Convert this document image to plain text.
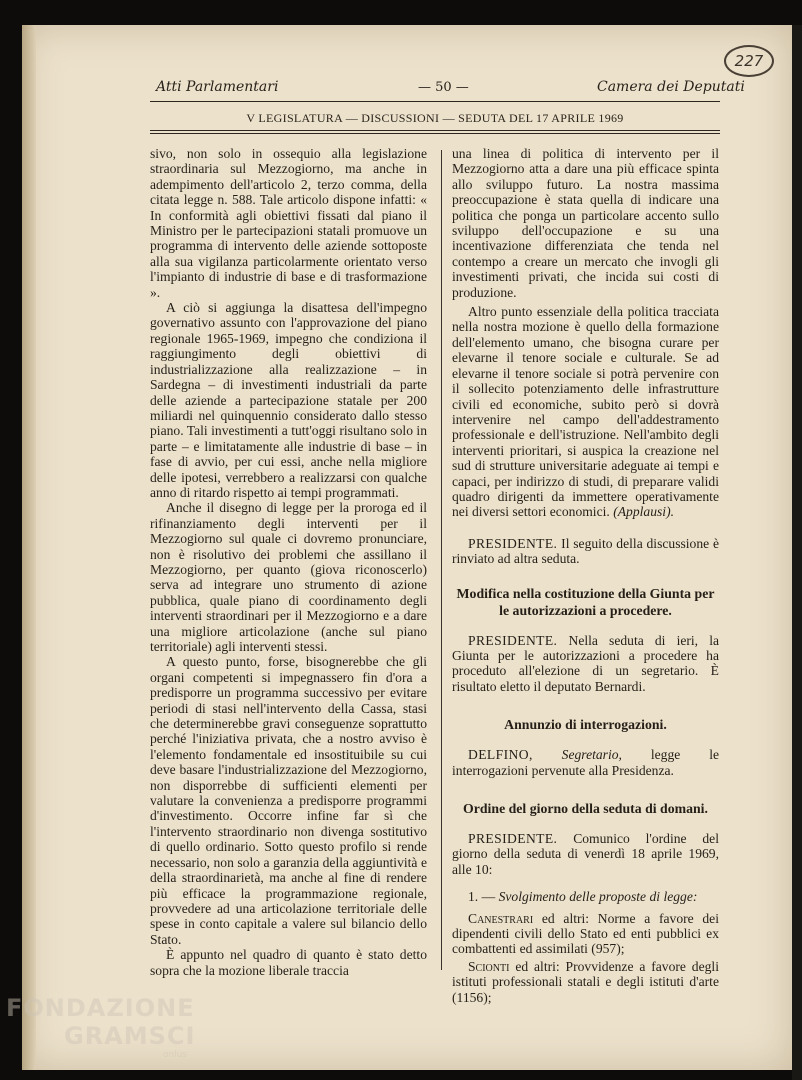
Atti Parlamentari	— 50 —	Camera dei Deputati
227
V LEGISLATURA — DISCUSSIONI — SEDUTA DEL 17 APRILE 1969

sivo, non solo in ossequio alla legislazione straordinaria sul Mezzogiorno, ma anche in adempimento dell'articolo 2, terzo comma, della citata legge n. 588. Tale articolo dispone infatti: « In conformità agli obiettivi fissati dal piano il Ministro per le partecipazioni statali promuove un programma di intervento delle aziende sottoposte alla sua vigilanza particolarmente orientato verso l'impianto di industrie di base e di trasformazione ».

A ciò si aggiunga la disattesa dell'impegno governativo assunto con l'approvazione del piano regionale 1965-1969, impegno che condiziona il raggiungimento degli obiettivi di industrializzazione alla realizzazione – in Sardegna – di investimenti industriali da parte delle aziende a partecipazione statale per 200 miliardi nel quinquennio considerato dallo stesso piano. Tali investimenti a tutt'oggi risultano solo in parte – e limitatamente alle industrie di base – in fase di avvio, per cui essi, anche nella migliore delle ipotesi, verrebbero a realizzarsi con qualche anno di ritardo rispetto ai tempi programmati.

Anche il disegno di legge per la proroga ed il rifinanziamento degli interventi per il Mezzogiorno sul quale ci dovremo pronunciare, non è risolutivo dei problemi che assillano il Mezzogiorno, per quanto (giova riconoscerlo) serva ad integrare uno strumento di azione pubblica, quale piano di coordinamento degli interventi straordinari per il Mezzogiorno e a dare una migliore articolazione (anche sul piano territoriale) agli interventi stessi.

A questo punto, forse, bisognerebbe che gli organi competenti si impegnassero fin d'ora a predisporre un programma successivo per evitare periodi di stasi nell'intervento della Cassa, stasi che determinerebbe gravi conseguenze soprattutto perché l'iniziativa privata, che a nostro avviso è l'elemento fondamentale ed insostituibile su cui deve basare l'industrializzazione del Mezzogiorno, non disporrebbe di sufficienti elementi per valutare la convenienza a predisporre programmi d'investimento. Occorre infine far sì che l'intervento straordinario non divenga sostitutivo di quello ordinario. Sotto questo profilo si rende necessario, non solo a garanzia della aggiuntività e della straordinarietà, ma anche al fine di rendere più efficace la programmazione regionale, provvedere ad una articolazione territoriale delle spese in conto capitale a valere sul bilancio dello Stato.

È appunto nel quadro di quanto è stato detto sopra che la mozione liberale traccia

una linea di politica di intervento per il Mezzogiorno atta a dare una più efficace spinta allo sviluppo futuro. La nostra massima preoccupazione è stata quella di indicare una politica che ponga un particolare accento sullo sviluppo dell'occupazione e su una incentivazione differenziata che tenda nel contempo a creare un mercato che invogli gli investimenti privati, che incida sui costi di produzione.

Altro punto essenziale della politica tracciata nella nostra mozione è quello della formazione dell'elemento umano, che bisogna curare per elevarne il tenore sociale e culturale. Se ad elevarne il tenore sociale si potrà pervenire con il sollecito potenziamento delle infrastrutture civili ed economiche, subito però si dovrà intervenire nel campo dell'addestramento professionale e dell'istruzione. Nell'ambito degli interventi prioritari, si auspica la creazione nel sud di strutture universitarie adeguate ai tempi e capaci, per indirizzo di studi, di preparare validi quadro dirigenti da immettere operativamente nei diversi settori economici. (Applausi).

PRESIDENTE. Il seguito della discussione è rinviato ad altra seduta.

Modifica nella costituzione della Giunta per le autorizzazioni a procedere.

PRESIDENTE. Nella seduta di ieri, la Giunta per le autorizzazioni a procedere ha proceduto all'elezione di un segretario. È risultato eletto il deputato Bernardi.

Annunzio di interrogazioni.

DELFINO, Segretario, legge le interrogazioni pervenute alla Presidenza.

Ordine del giorno della seduta di domani.

PRESIDENTE. Comunico l'ordine del giorno della seduta di venerdì 18 aprile 1969, alle 10:

1. — Svolgimento delle proposte di legge:

Canestrari ed altri: Norme a favore dei dipendenti civili dello Stato ed enti pubblici ex combattenti ed assimilati (957);

Scionti ed altri: Provvidenze a favore degli istituti professionali statali e degli istituti d'arte (1156);

FONDAZIONE
GRAMSCI
onlus
